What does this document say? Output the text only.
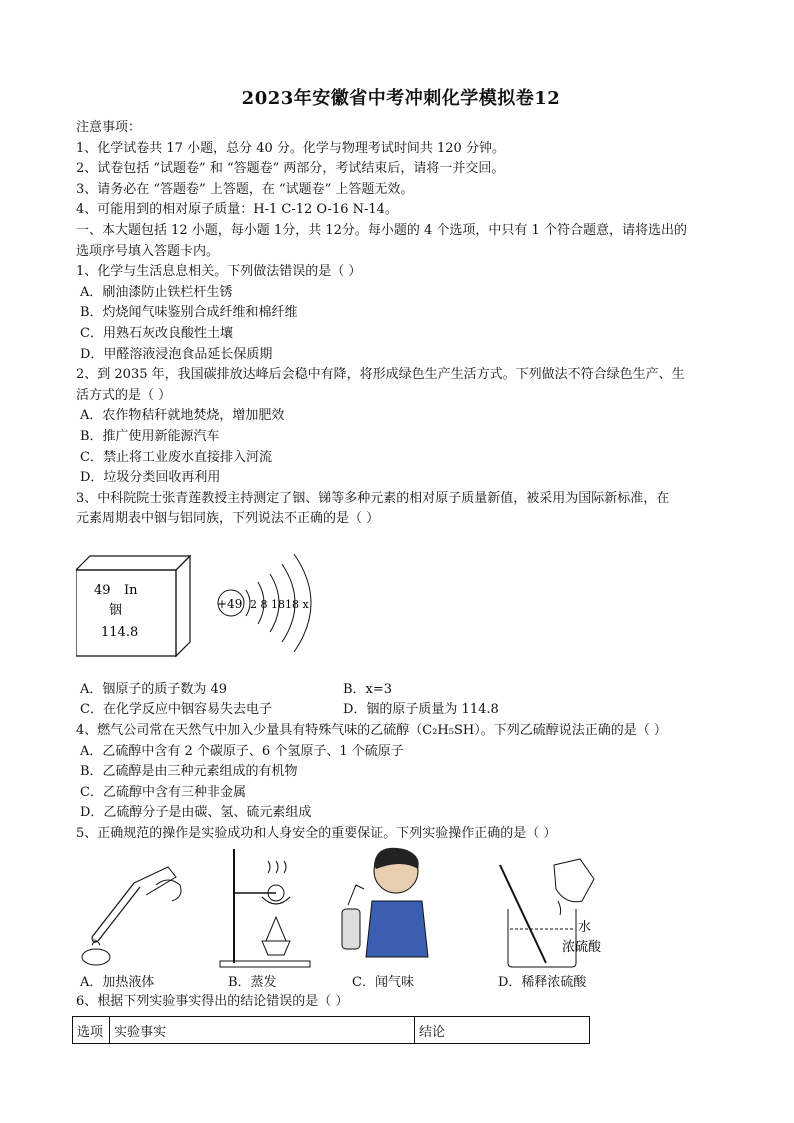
2023年安徽省中考冲刺化学模拟卷12
注意事项：
1、化学试卷共 17 小题，总分 40 分。化学与物理考试时间共 120 分钟。
2、试卷包括 “试题卷” 和 “答题卷” 两部分，考试结束后，请将一并交回。
3、请务必在 “答题卷” 上答题，在 “试题卷” 上答题无效。
4、可能用到的相对原子质量：H-1 C-12 O-16 N-14。
一、本大题包括 12 小题，每小题 1分，共 12分。每小题的 4 个选项，中只有 1 个符合题意，请将选出的
选项序号填入答题卡内。
1、化学与生活息息相关。下列做法错误的是（ ）
A．刷油漆防止铁栏杆生锈
B．灼烧闻气味鉴别合成纤维和棉纤维
C．用熟石灰改良酸性土壤
D．甲醛溶液浸泡食品延长保质期
2、到 2035 年，我国碳排放达峰后会稳中有降，将形成绿色生产生活方式。下列做法不符合绿色生产、生
活方式的是（ ）
A．农作物秸秆就地焚烧，增加肥效
B．推广使用新能源汽车
C．禁止将工业废水直接排入河流
D．垃圾分类回收再利用
3、中科院院士张青莲教授主持测定了铟、锑等多种元素的相对原子质量新值，被采用为国际新标准，在
元素周期表中铟与铝同族，下列说法不正确的是（ ）
49 In
铟
114.8
+49 2 8 1818 x
A．铟原子的质子数为 49	B．x=3
C．在化学反应中铟容易失去电子	D．铟的原子质量为 114.8
4、燃气公司常在天然气中加入少量具有特殊气味的乙硫醇（C₂H₅SH）。下列乙硫醇说法正确的是（ ）
A．乙硫醇中含有 2 个碳原子、6 个氢原子、1 个硫原子
B．乙硫醇是由三种元素组成的有机物
C．乙硫醇中含有三种非金属
D．乙硫醇分子是由碳、氢、硫元素组成
5、正确规范的操作是实验成功和人身安全的重要保证。下列实验操作正确的是（ ）
水
浓硫酸
A．加热液体	B．蒸发	C．闻气味	D．稀释浓硫酸
6、根据下列实验事实得出的结论错误的是（ ）
选项	实验事实	结论
